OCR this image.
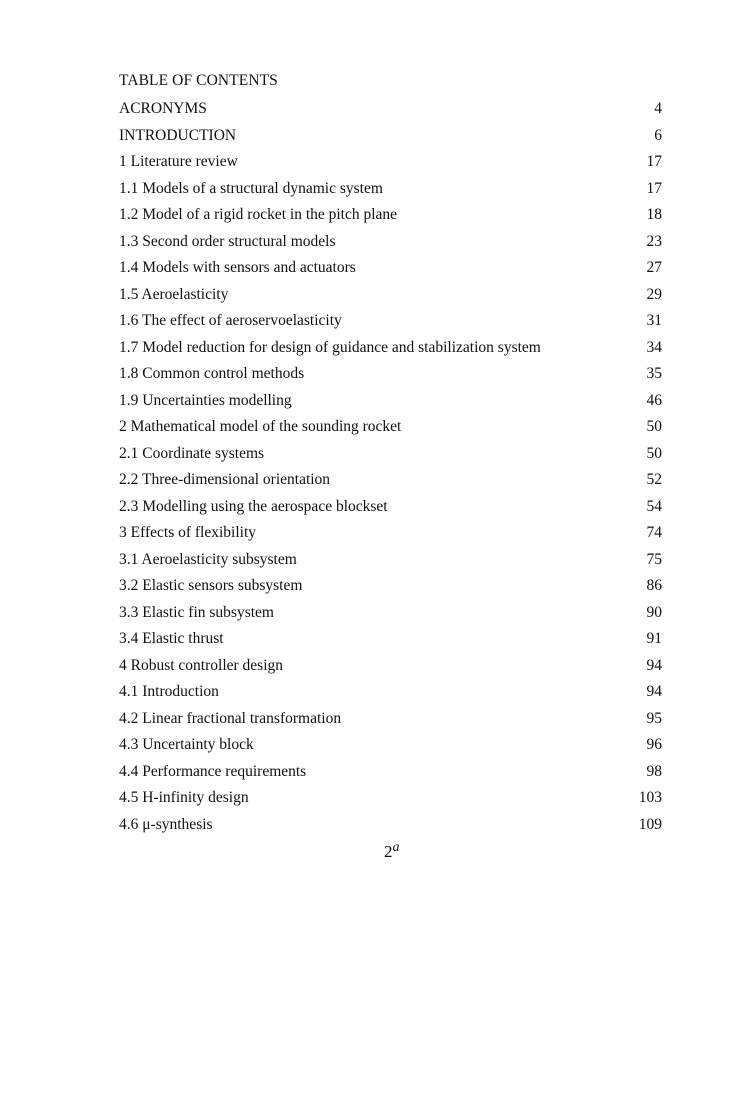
TABLE OF CONTENTS
ACRONYMS	4
INTRODUCTION	6
1 Literature review	17
1.1 Models of a structural dynamic system	17
1.2 Model of a rigid rocket in the pitch plane	18
1.3 Second order structural models	23
1.4 Models with sensors and actuators	27
1.5 Aeroelasticity	29
1.6 The effect of aeroservoelasticity	31
1.7 Model reduction for design of guidance and stabilization system	34
1.8 Common control methods	35
1.9 Uncertainties modelling	46
2 Mathematical model of the sounding rocket	50
2.1 Coordinate systems	50
2.2 Three-dimensional orientation	52
2.3 Modelling using the aerospace blockset	54
3 Effects of flexibility	74
3.1 Aeroelasticity subsystem	75
3.2 Elastic sensors subsystem	86
3.3 Elastic fin subsystem	90
3.4 Elastic thrust	91
4 Robust controller design	94
4.1 Introduction	94
4.2 Linear fractional transformation	95
4.3 Uncertainty block	96
4.4 Performance requirements	98
4.5 H-infinity design	103
4.6 μ-synthesis	109
2$^a$
